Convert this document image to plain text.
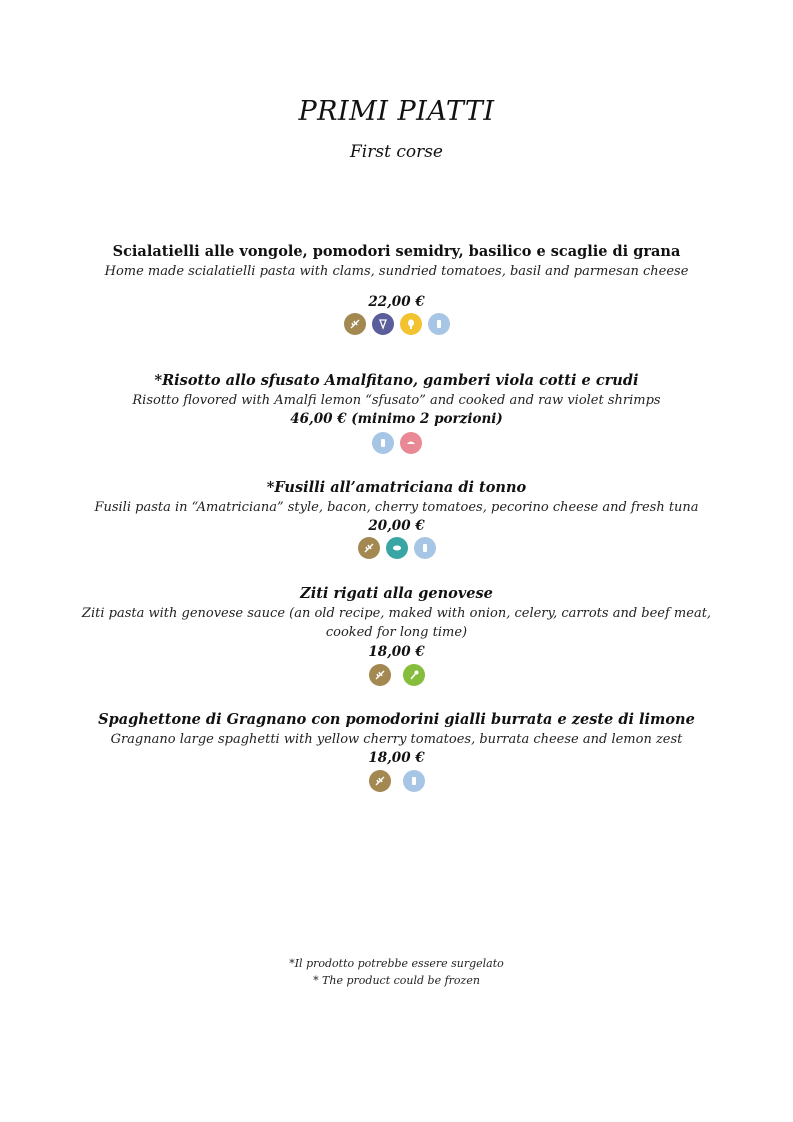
PRIMI PIATTI
First corse
Scialatielli alle vongole, pomodori semidry, basilico e scaglie di grana
Home made scialatielli pasta with clams, sundried tomatoes, basil and parmesan cheese
22,00 €
*Risotto allo sfusato Amalfitano, gamberi viola cotti e crudi
Risotto flovored with Amalfi lemon “sfusato” and cooked and raw violet shrimps
46,00 € (minimo 2 porzioni)
*Fusilli all’amatriciana di tonno
Fusili pasta in “Amatriciana” style, bacon, cherry tomatoes, pecorino cheese and fresh tuna
20,00 €
Ziti rigati alla genovese
Ziti pasta with genovese sauce (an old recipe, maked with onion, celery, carrots and beef meat,
cooked for long time)
18,00 €
Spaghettone di Gragnano con pomodorini gialli burrata e zeste di limone
Gragnano large spaghetti with yellow cherry tomatoes, burrata cheese and lemon zest
18,00 €
*Il prodotto potrebbe essere surgelato
* The product could be frozen
